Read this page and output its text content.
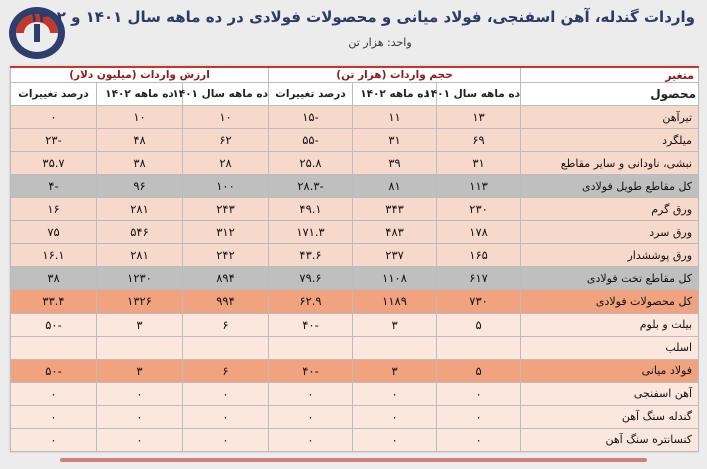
واردات گندله، آهن اسفنجی، فولاد میانی و محصولات فولادی در ده ماهه سال ۱۴۰۱ و ۱۴۰۲
واحد: هزار تن
متغیر	حجم واردات (هزار تن)			ارزش واردات (میلیون دلار)		
محصول	ده ماهه سال ۱۴۰۱	ده ماهه ۱۴۰۲	درصد تغییرات	ده ماهه سال ۱۴۰۱	ده ماهه ۱۴۰۲	درصد تغییرات
تیرآهن	۱۳	۱۱	-۱۵	۱۰	۱۰	۰
میلگرد	۶۹	۳۱	-۵۵	۶۲	۴۸	-۲۳
نبشی، ناودانی و سایر مقاطع	۳۱	۳۹	۲۵.۸	۲۸	۳۸	۳۵.۷
کل مقاطع طویل فولادی	۱۱۳	۸۱	-۲۸.۳	۱۰۰	۹۶	-۴
ورق گرم	۲۳۰	۳۴۳	۴۹.۱	۲۴۳	۲۸۱	۱۶
ورق سرد	۱۷۸	۴۸۳	۱۷۱.۳	۳۱۲	۵۴۶	۷۵
ورق پوششدار	۱۶۵	۲۳۷	۴۳.۶	۲۴۲	۲۸۱	۱۶.۱
کل مقاطع تخت فولادی	۶۱۷	۱۱۰۸	۷۹.۶	۸۹۴	۱۲۳۰	۳۸
کل محصولات فولادی	۷۳۰	۱۱۸۹	۶۲.۹	۹۹۴	۱۳۲۶	۳۳.۴
بیلت و بلوم	۵	۳	-۴۰	۶	۳	-۵۰
اسلب						
فولاد میانی	۵	۳	-۴۰	۶	۳	-۵۰
آهن اسفنجی	۰	۰	۰	۰	۰	۰
گندله سنگ آهن	۰	۰	۰	۰	۰	۰
کنسانتره سنگ آهن	۰	۰	۰	۰	۰	۰
